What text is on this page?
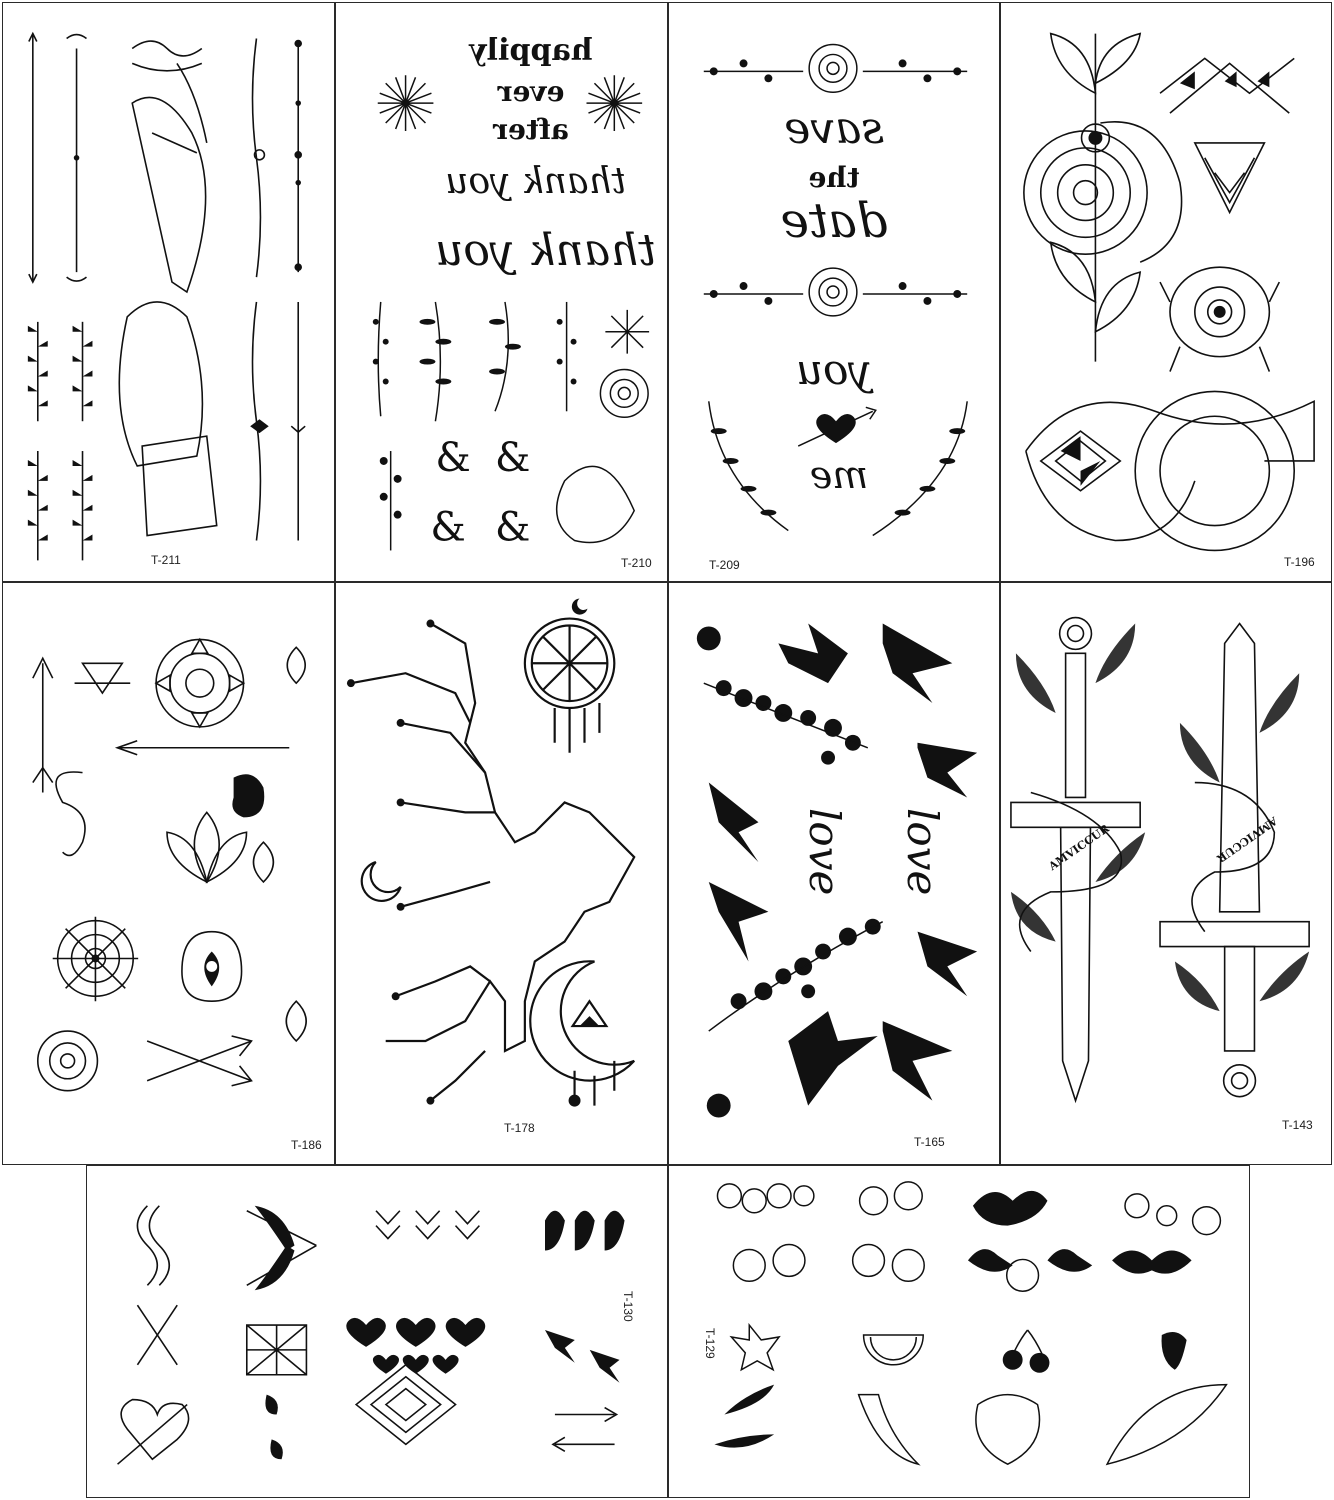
T-211
happily
ever
after
thank you
thank you
& &
& &
T-210
save
the
date
you
me
T-209	T-196
T-186
T-178
love love
T-165
AMVICCUR	AMVICCUR
T-143
T-130
T-129
